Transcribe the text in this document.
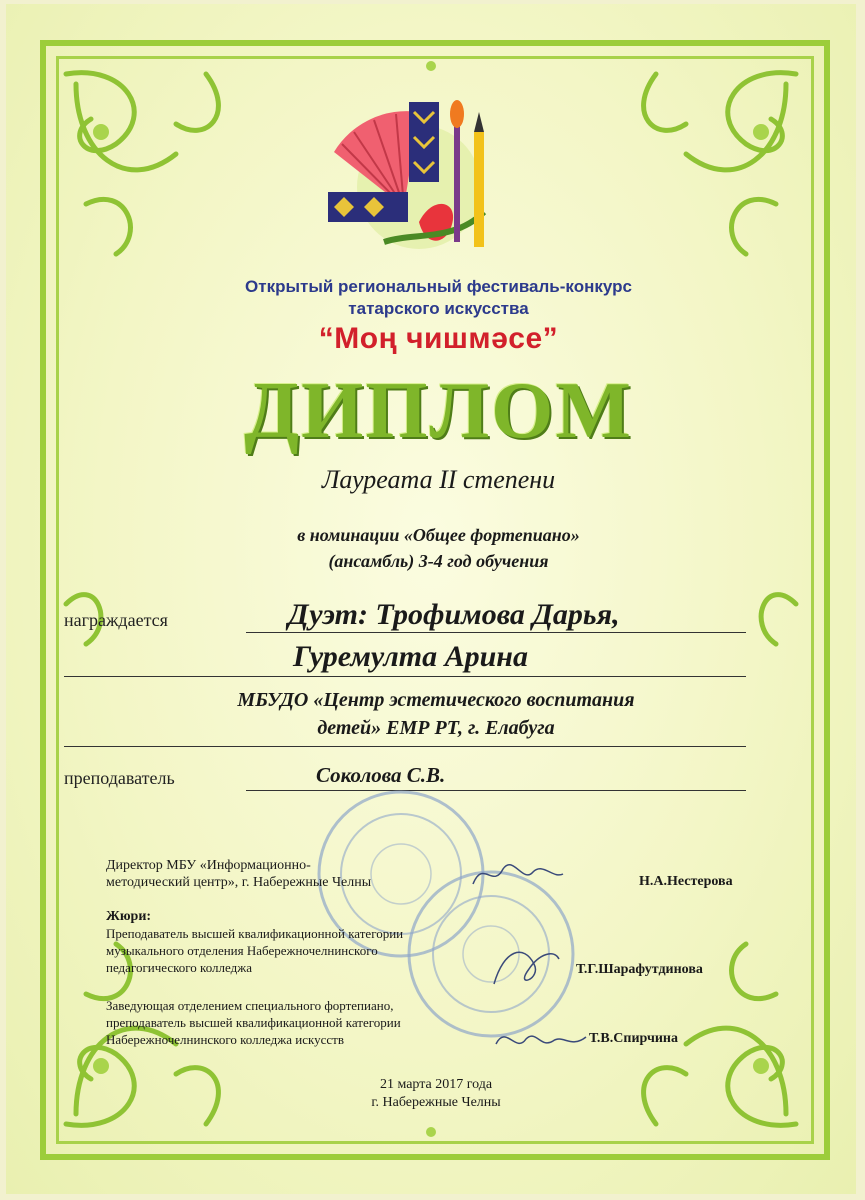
Открытый региональный фестиваль-конкурс
татарского искусства
“Моң чишмәсе”
ДИПЛОМ
Лауреата II степени
в номинации «Общее фортепиано»
(ансамбль) 3-4 год обучения
награждается	Дуэт: Трофимова Дарья,
Гуремулта Арина
МБУДО «Центр эстетического воспитания
детей» ЕМР РТ, г. Елабуга
преподаватель	Соколова С.В.
Директор МБУ «Информационно-
методический центр», г. Набережные Челны	Н.А.Нестерова
Жюри:
Преподаватель высшей квалификационной категории
музыкального отделения Набережночелнинского
педагогического колледжа	Т.Г.Шарафутдинова
Заведующая отделением специального фортепиано,
преподаватель высшей квалификационной категории
Набережночелнинского колледжа искусств	Т.В.Спирчина
21 марта 2017 года
г. Набережные Челны
